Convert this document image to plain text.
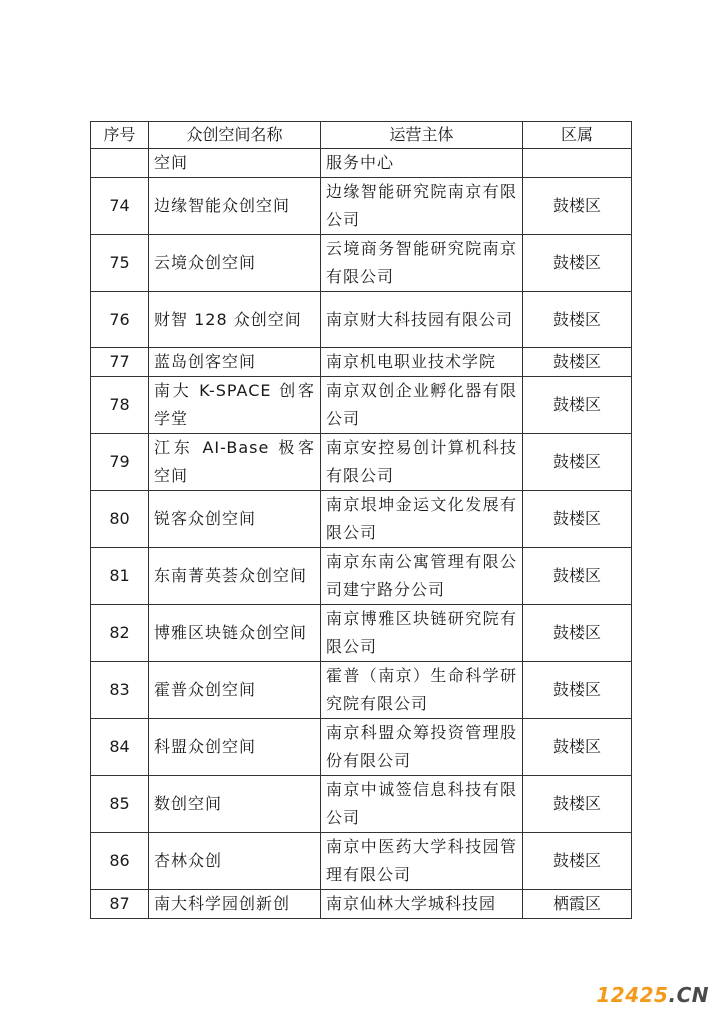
序号	众创空间名称	运营主体	区属
	空间	服务中心	
74	边缘智能众创空间	边缘智能研究院南京有限公司	鼓楼区
75	云境众创空间	云境商务智能研究院南京有限公司	鼓楼区
76	财智 128 众创空间	南京财大科技园有限公司	鼓楼区
77	蓝岛创客空间	南京机电职业技术学院	鼓楼区
78	南大 K-SPACE 创客学堂	南京双创企业孵化器有限公司	鼓楼区
79	江东 AI-Base 极客空间	南京安控易创计算机科技有限公司	鼓楼区
80	锐客众创空间	南京垠坤金运文化发展有限公司	鼓楼区
81	东南菁英荟众创空间	南京东南公寓管理有限公司建宁路分公司	鼓楼区
82	博雅区块链众创空间	南京博雅区块链研究院有限公司	鼓楼区
83	霍普众创空间	霍普（南京）生命科学研究院有限公司	鼓楼区
84	科盟众创空间	南京科盟众筹投资管理股份有限公司	鼓楼区
85	数创空间	南京中诚签信息科技有限公司	鼓楼区
86	杏林众创	南京中医药大学科技园管理有限公司	鼓楼区
87	南大科学园创新创	南京仙林大学城科技园	栖霞区
12425.CN
